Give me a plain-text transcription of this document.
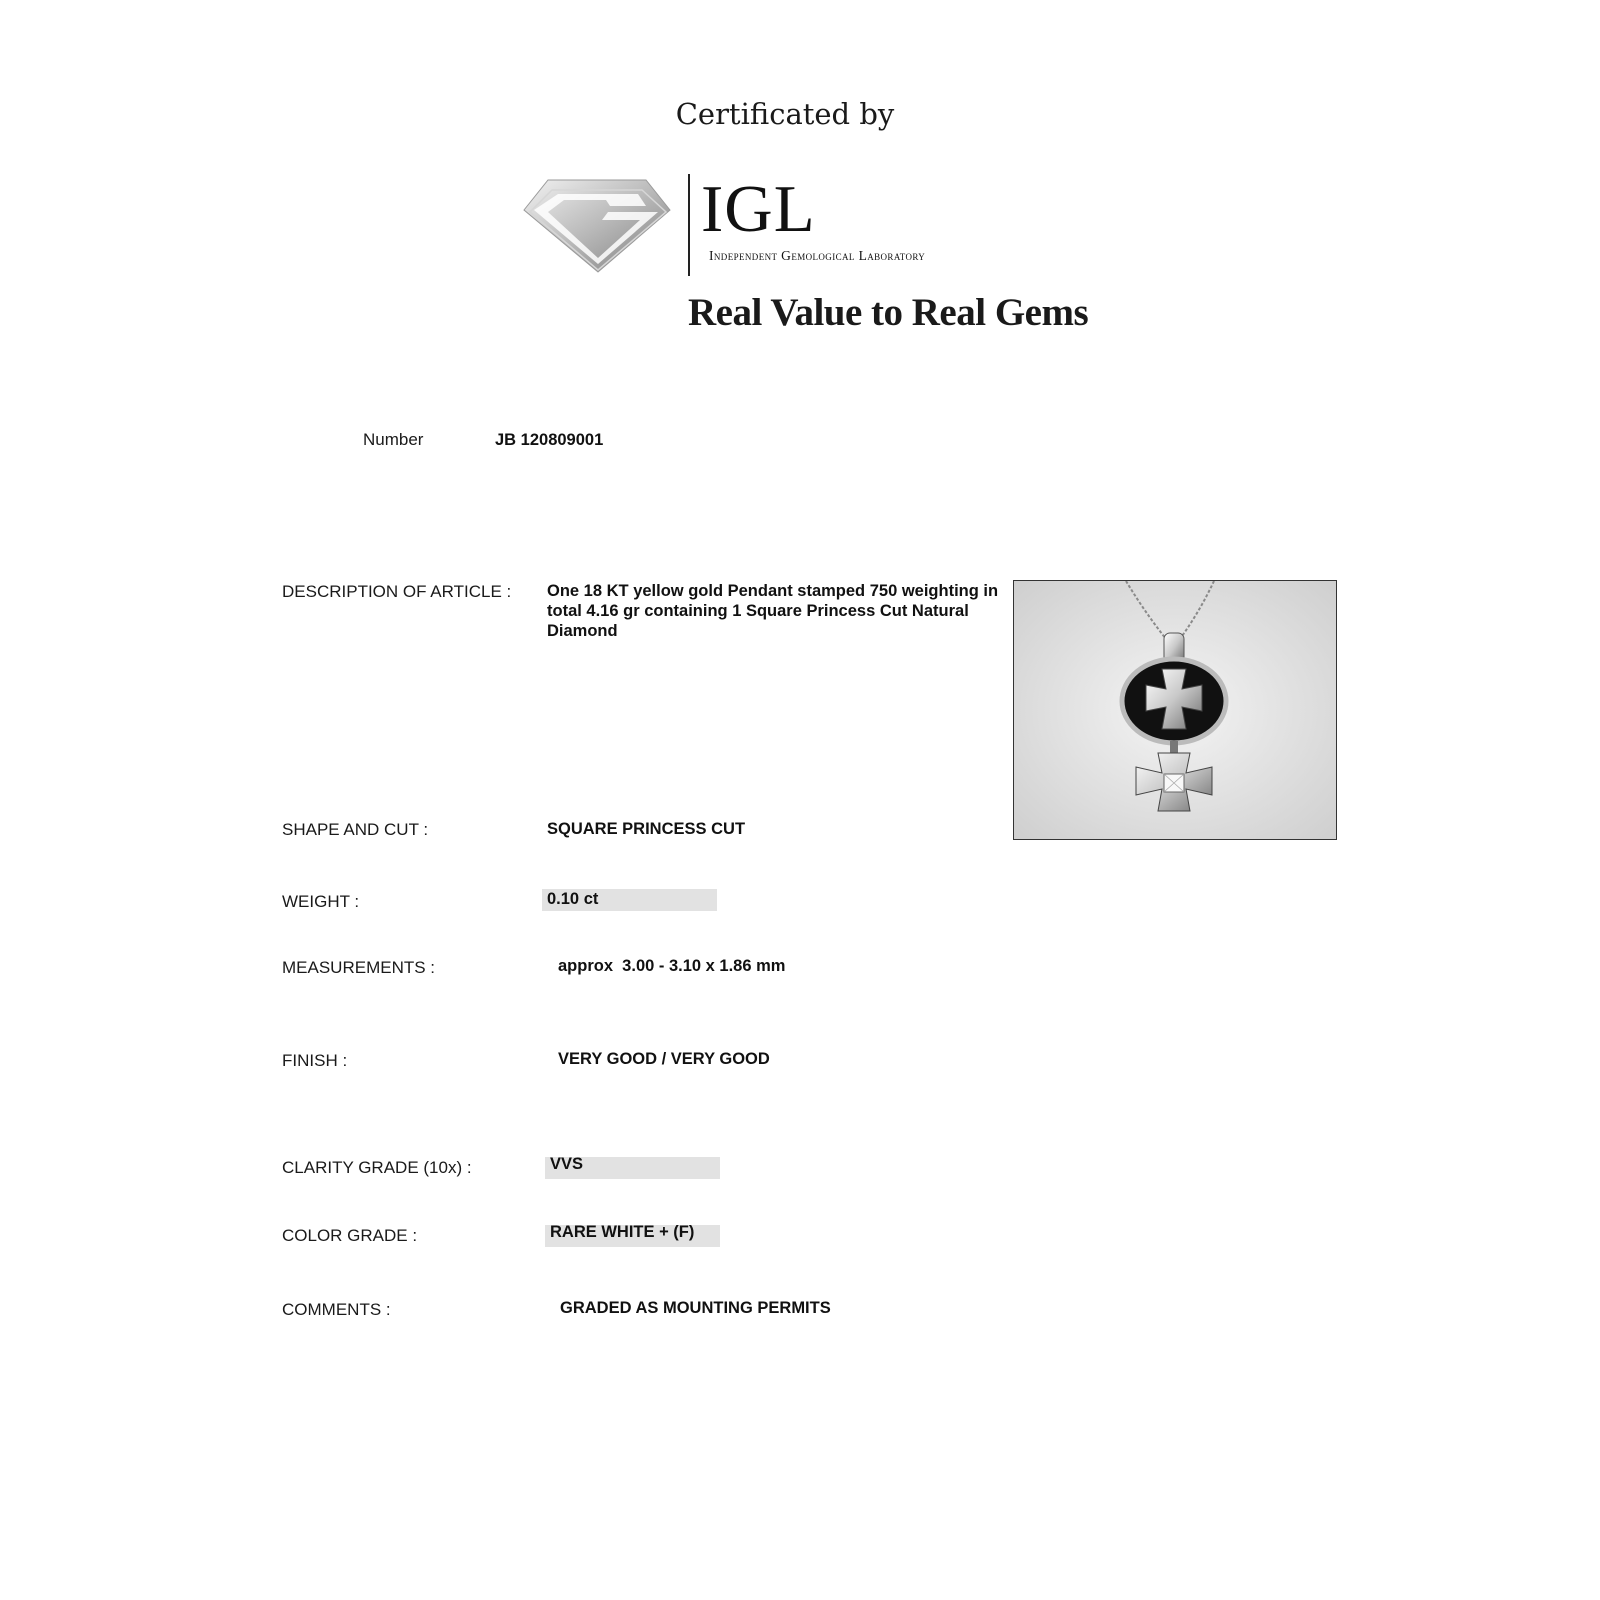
Certificated by
IGL
Independent Gemological Laboratory
Real Value to Real Gems
Number	JB 120809001
DESCRIPTION OF ARTICLE : One 18 KT yellow gold Pendant stamped 750 weighting in total 4.16 gr containing 1 Square Princess Cut Natural Diamond
SHAPE AND CUT :	SQUARE PRINCESS CUT
WEIGHT :	0.10 ct
MEASUREMENTS :	approx  3.00 - 3.10 x 1.86 mm
FINISH :	VERY GOOD / VERY GOOD
CLARITY GRADE (10x) :	VVS
COLOR GRADE :	RARE WHITE + (F)
COMMENTS :	GRADED AS MOUNTING PERMITS
